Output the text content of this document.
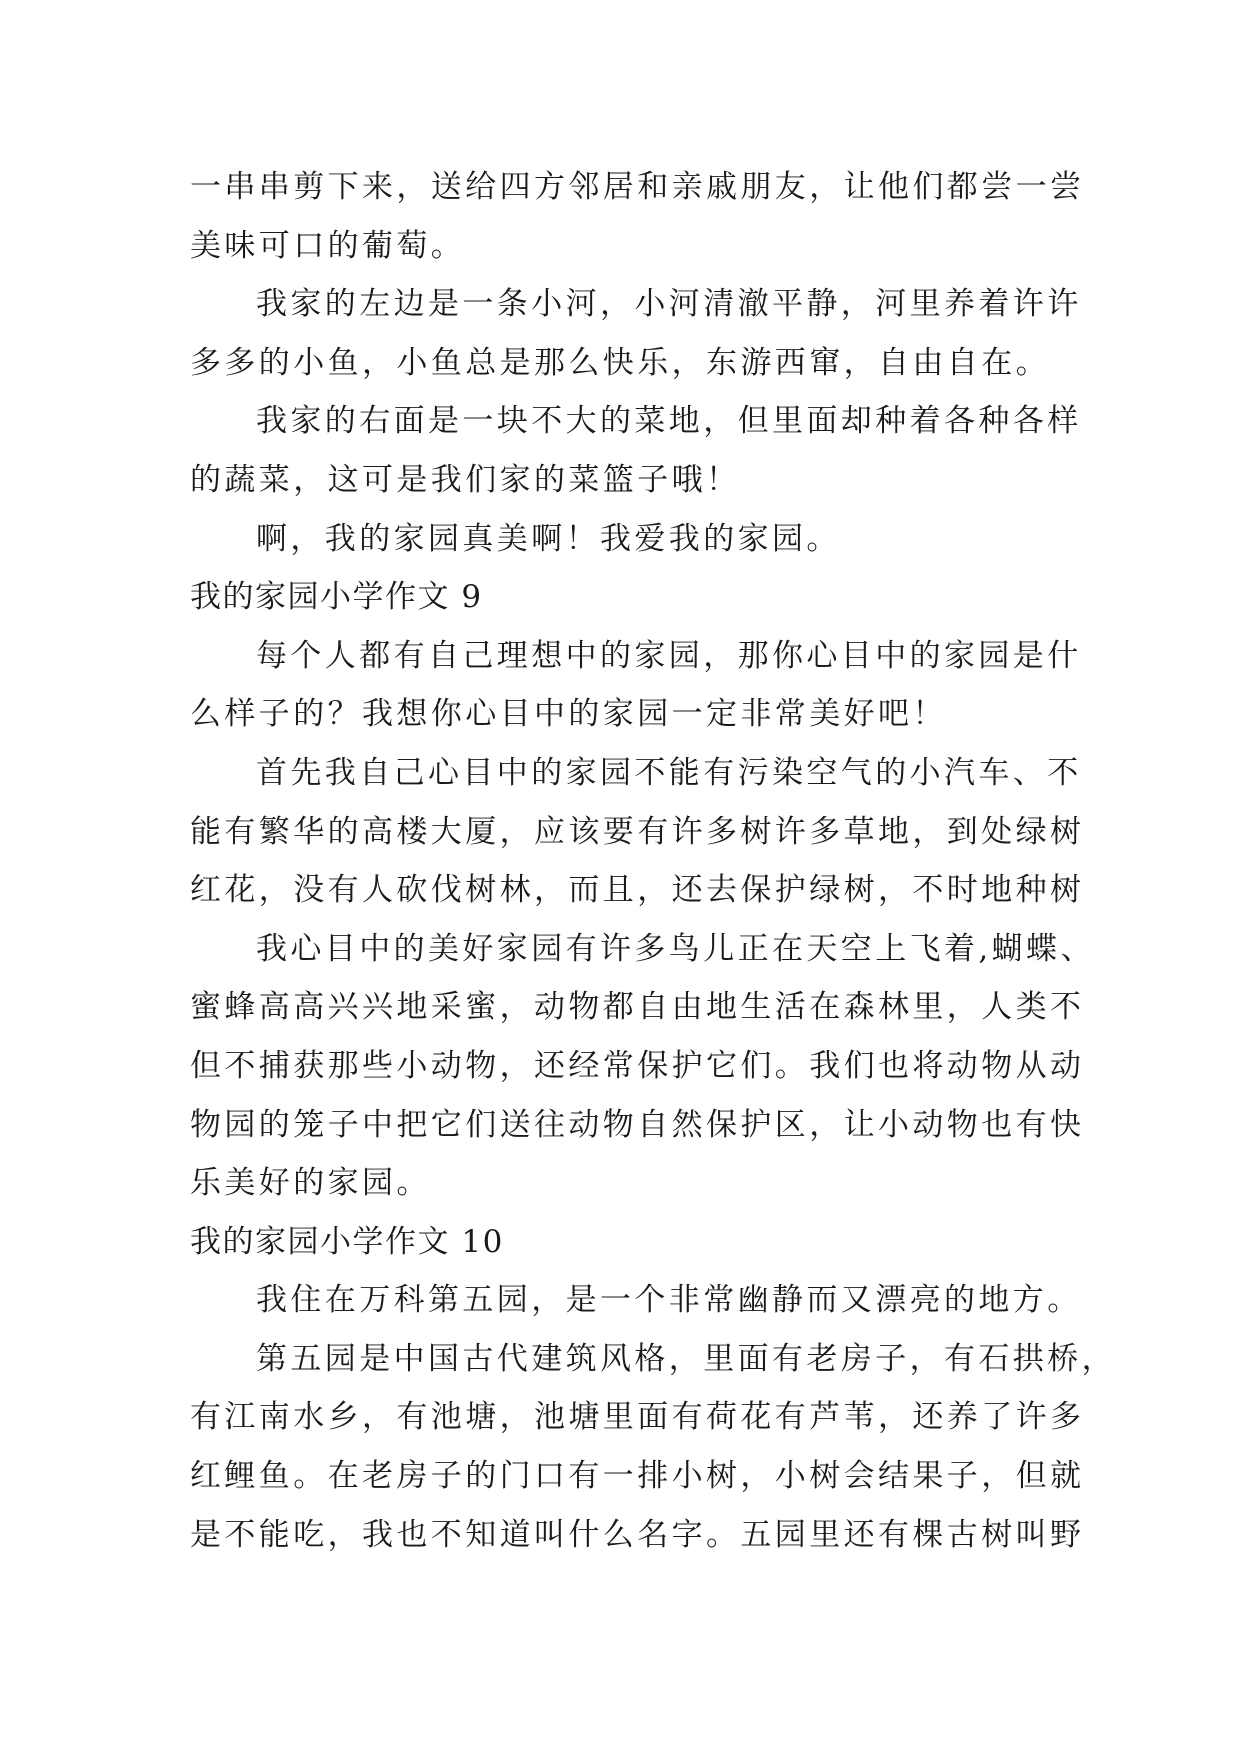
一串串剪下来，送给四方邻居和亲戚朋友，让他们都尝一尝
美味可口的葡萄。
我家的左边是一条小河，小河清澈平静，河里养着许许
多多的小鱼，小鱼总是那么快乐，东游西窜，自由自在。
我家的右面是一块不大的菜地，但里面却种着各种各样
的蔬菜，这可是我们家的菜篮子哦！
啊，我的家园真美啊！我爱我的家园。
我的家园小学作文 9
每个人都有自己理想中的家园，那你心目中的家园是什
么样子的？我想你心目中的家园一定非常美好吧！
首先我自己心目中的家园不能有污染空气的小汽车、不
能有繁华的高楼大厦，应该要有许多树许多草地，到处绿树
红花，没有人砍伐树林，而且，还去保护绿树，不时地种树
我心目中的美好家园有许多鸟儿正在天空上飞着,蝴蝶、
蜜蜂高高兴兴地采蜜，动物都自由地生活在森林里，人类不
但不捕获那些小动物，还经常保护它们。我们也将动物从动
物园的笼子中把它们送往动物自然保护区，让小动物也有快
乐美好的家园。
我的家园小学作文 10
我住在万科第五园，是一个非常幽静而又漂亮的地方。
第五园是中国古代建筑风格，里面有老房子，有石拱桥，
有江南水乡，有池塘，池塘里面有荷花有芦苇，还养了许多
红鲤鱼。在老房子的门口有一排小树，小树会结果子，但就
是不能吃，我也不知道叫什么名字。五园里还有棵古树叫野
